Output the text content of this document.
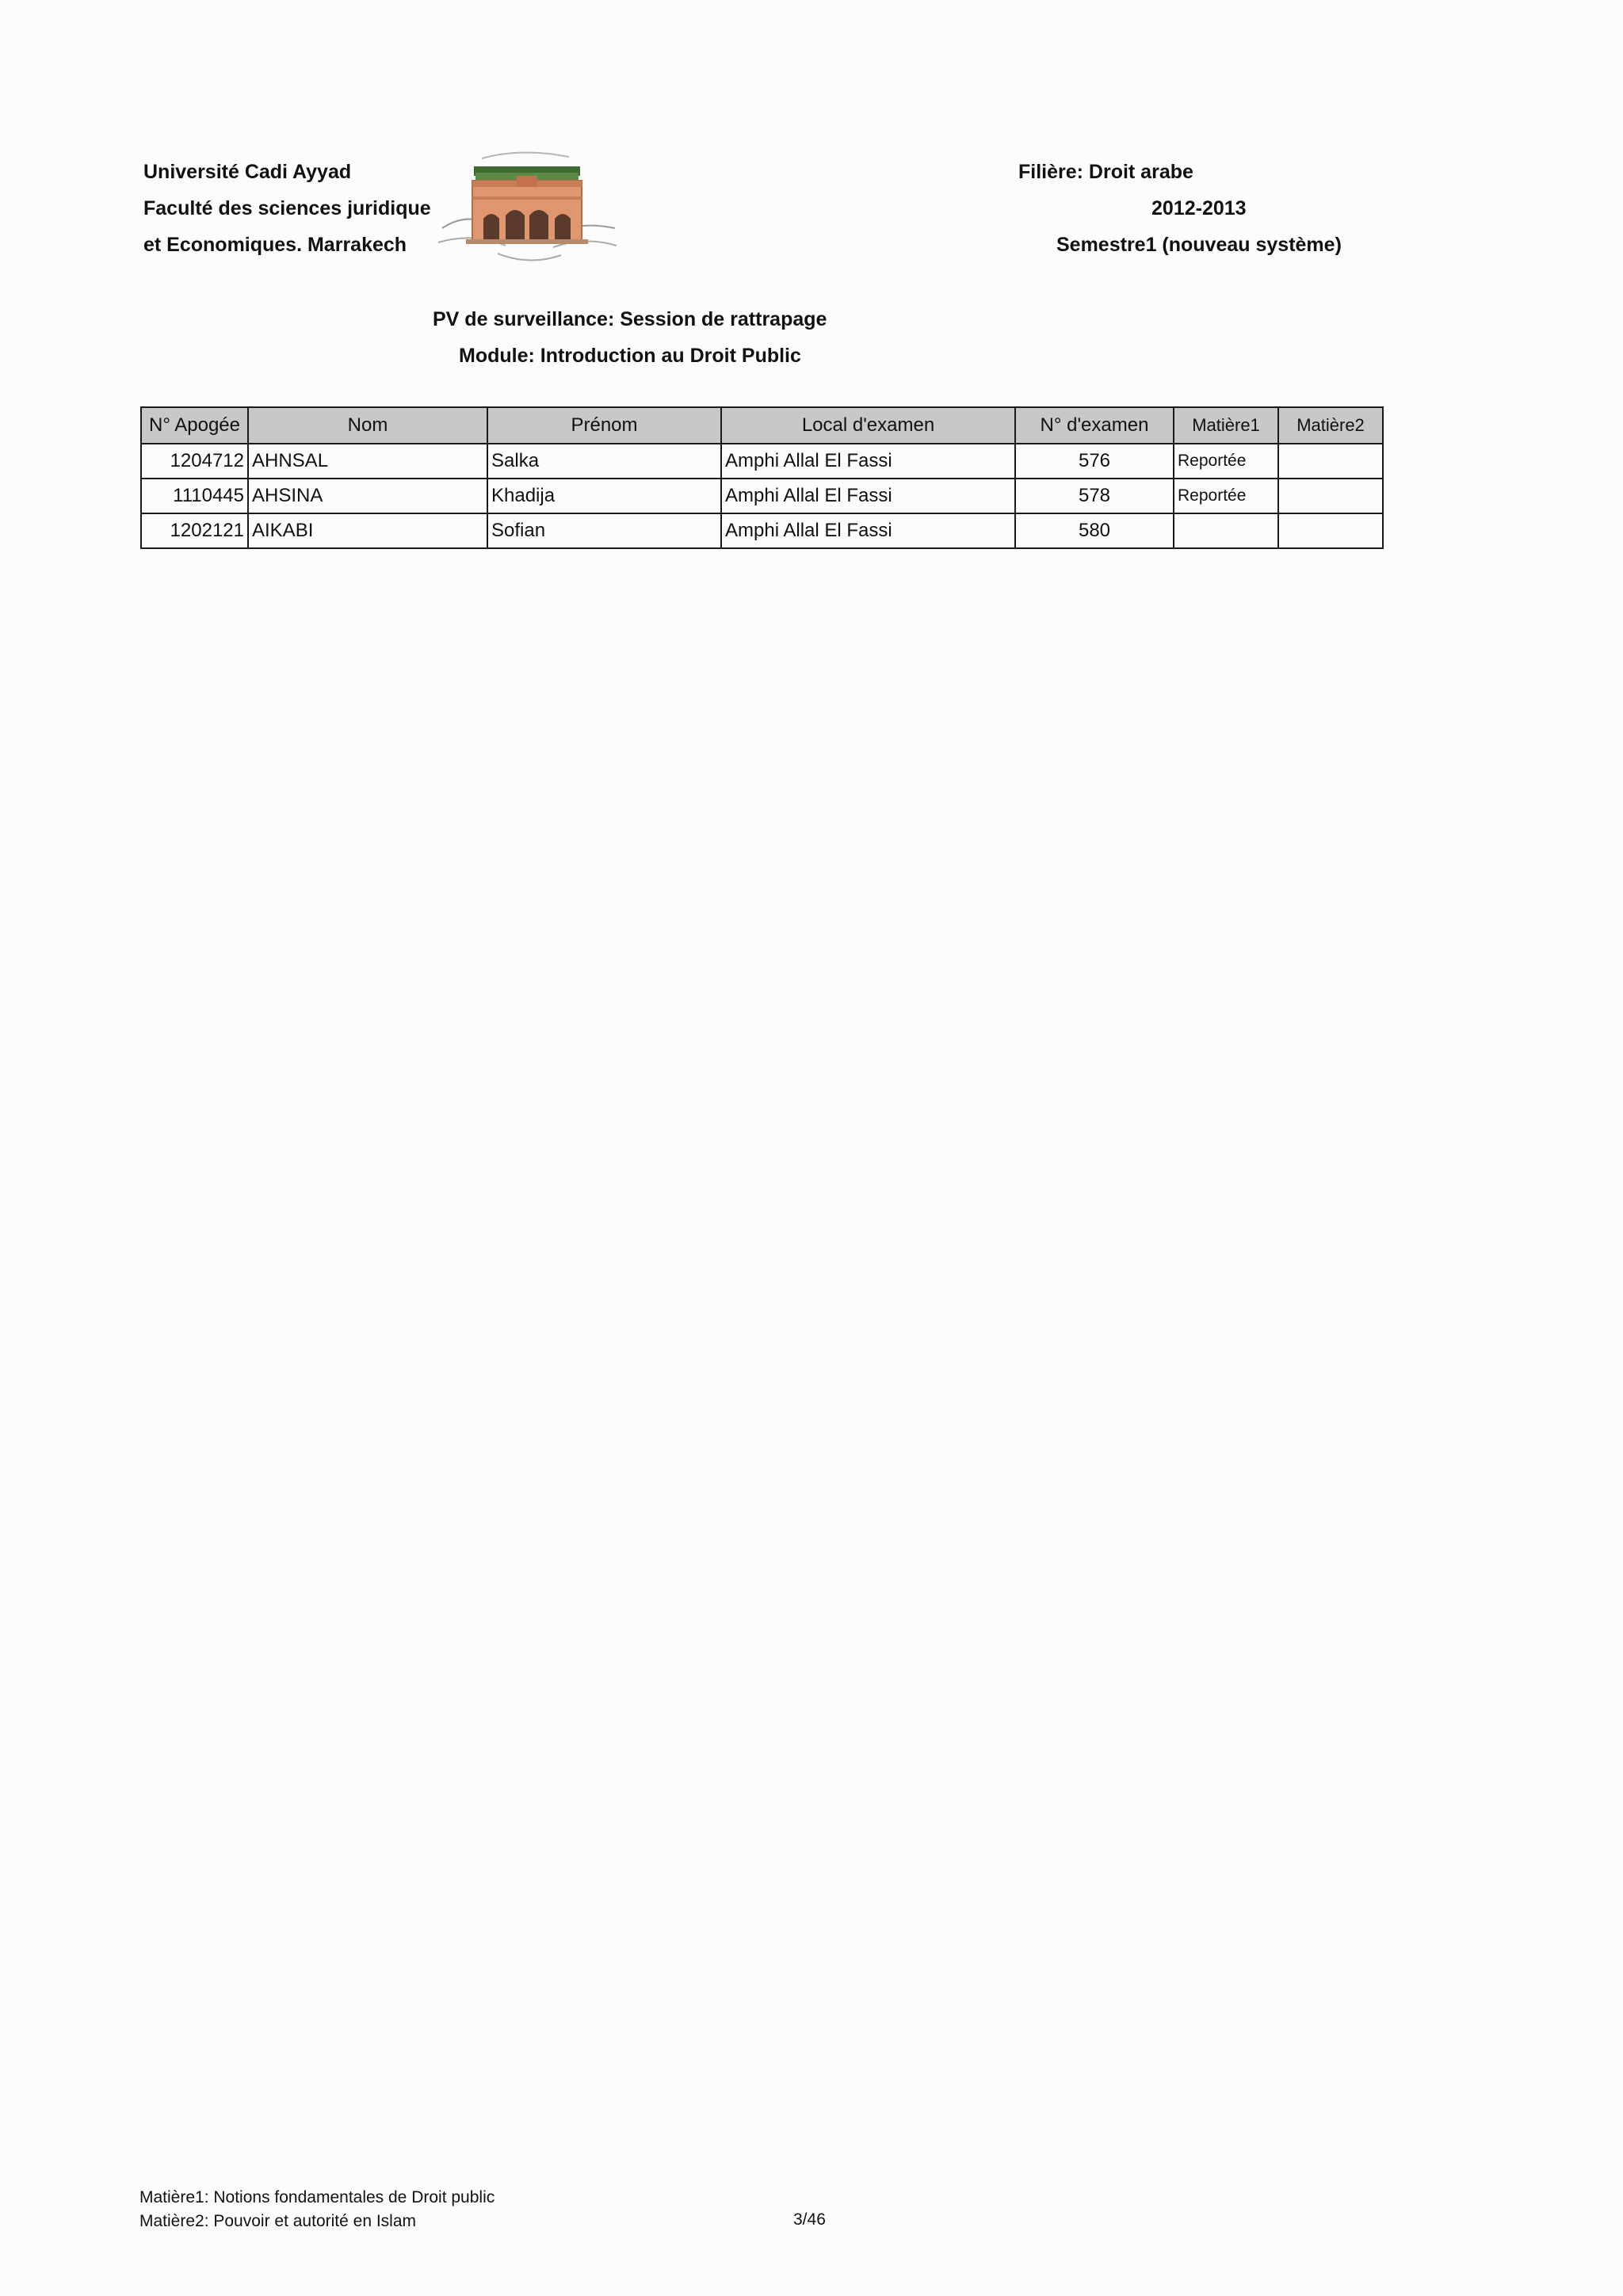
Université Cadi Ayyad
Faculté des sciences juridique
et Economiques. Marrakech
Filière: Droit arabe
2012-2013
Semestre1 (nouveau système)
PV de surveillance: Session de rattrapage
Module: Introduction au Droit Public
N° Apogée	Nom	Prénom	Local d'examen	N° d'examen	Matière1	Matière2
1204712	AHNSAL	Salka	Amphi Allal El Fassi	576	Reportée	
1110445	AHSINA	Khadija	Amphi Allal El Fassi	578	Reportée	
1202121	AIKABI	Sofian	Amphi Allal El Fassi	580		
Matière1: Notions fondamentales de Droit public
Matière2: Pouvoir et autorité en Islam	3/46
